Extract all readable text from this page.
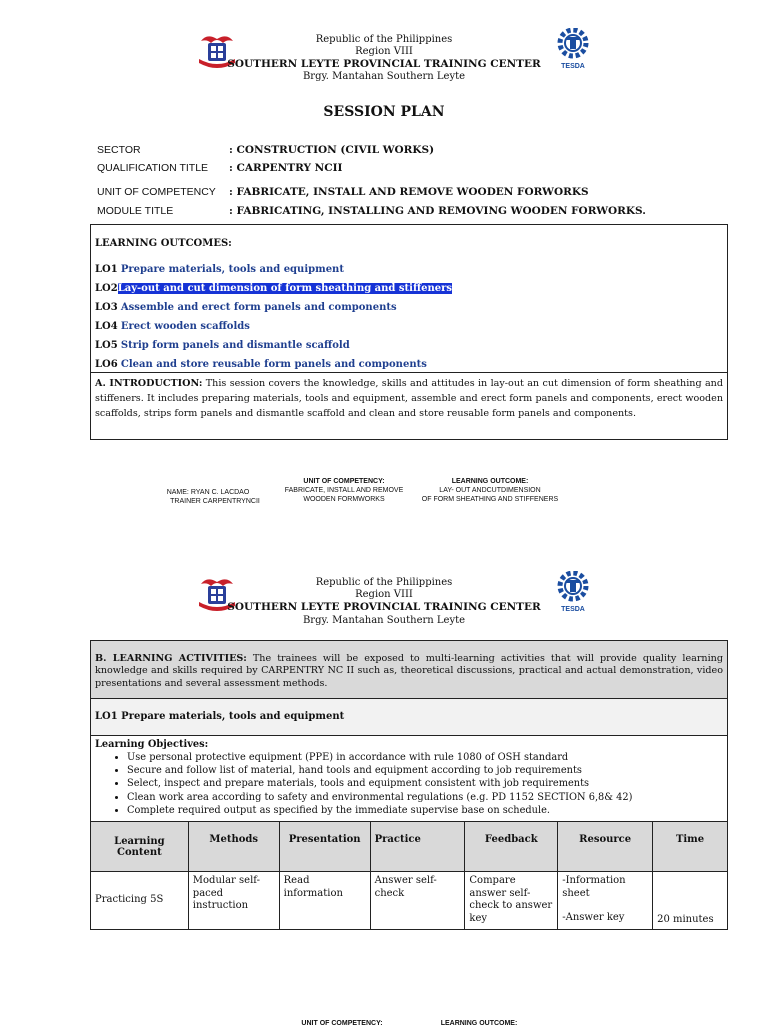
Republic of the Philippines
Region VIII
SOUTHERN LEYTE PROVINCIAL TRAINING CENTER
Brgy. Mantahan Southern Leyte
TESDA
SESSION PLAN
SECTOR	: CONSTRUCTION (CIVIL WORKS)
QUALIFICATION TITLE : CARPENTRY NCII
UNIT OF COMPETENCY : FABRICATE, INSTALL AND REMOVE WOODEN FORWORKS
MODULE TITLE	: FABRICATING, INSTALLING AND REMOVING WOODEN FORWORKS.
LEARNING OUTCOMES:
LO1 Prepare materials, tools and equipment
LO2Lay-out and cut dimension of form sheathing and stiffeners
LO3 Assemble and erect form panels and components
LO4 Erect wooden scaffolds
LO5 Strip form panels and dismantle scaffold
LO6 Clean and store reusable form panels and components
A. INTRODUCTION: This session covers the knowledge, skills and attitudes in lay-out an cut dimension of form sheathing and stiffeners. It includes preparing materials, tools and equipment, assemble and erect form panels and components, erect wooden scaffolds, strips form panels and dismantle scaffold and clean and store reusable form panels and components.
NAME: RYAN C. LACDAO
TRAINER CARPENTRYNCII
UNIT OF COMPETENCY:
FABRICATE, INSTALL AND REMOVE
WOODEN FORMWORKS
LEARNING OUTCOME:
LAY- OUT ANDCUTDIMENSION
OF FORM SHEATHING AND STIFFENERS
Republic of the Philippines
Region VIII
SOUTHERN LEYTE PROVINCIAL TRAINING CENTER
Brgy. Mantahan Southern Leyte
TESDA
B. LEARNING ACTIVITIES: The trainees will be exposed to multi-learning activities that will provide quality learning knowledge and skills required by CARPENTRY NC II such as, theoretical discussions, practical and actual demonstration, video presentations and several assessment methods.
LO1 Prepare materials, tools and equipment
Learning Objectives:
• Use personal protective equipment (PPE) in accordance with rule 1080 of OSH standard
• Secure and follow list of material, hand tools and equipment according to job requirements
• Select, inspect and prepare materials, tools and equipment consistent with job requirements
• Clean work area according to safety and environmental regulations (e.g. PD 1152 SECTION 6,8& 42)
• Complete required output as specified by the immediate supervise base on schedule.
Learning Content	Methods	Presentation	Practice	Feedback	Resource	Time
Practicing 5S	Modular self-paced instruction	Read information	Answer self-check	Compare answer self-check to answer key	-Information sheet
-Answer key	20 minutes
UNIT OF COMPETENCY:	LEARNING OUTCOME:
